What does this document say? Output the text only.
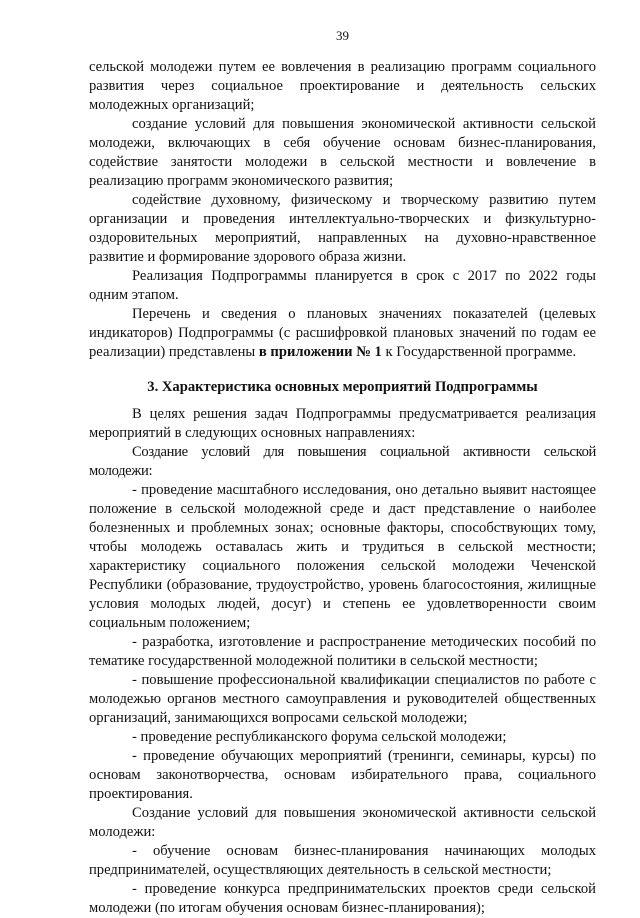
39

сельской молодежи путем ее вовлечения в реализацию программ социального развития через социальное проектирование и деятельность сельских молодежных организаций;

создание условий для повышения экономической активности сельской молодежи, включающих в себя обучение основам бизнес-планирования, содействие занятости молодежи в сельской местности и вовлечение в реализацию программ экономического развития;

содействие духовному, физическому и творческому развитию путем организации и проведения интеллектуально-творческих и физкультурно-оздоровительных мероприятий, направленных на духовно-нравственное развитие и формирование здорового образа жизни.

Реализация Подпрограммы планируется в срок с 2017 по 2022 годы одним этапом.

Перечень и сведения о плановых значениях показателей (целевых индикаторов) Подпрограммы (с расшифровкой плановых значений по годам ее реализации) представлены в приложении № 1 к Государственной программе.

3. Характеристика основных мероприятий Подпрограммы

В целях решения задач Подпрограммы предусматривается реализация мероприятий в следующих основных направлениях:

Создание условий для повышения социальной активности сельской молодежи:

- проведение масштабного исследования, оно детально выявит настоящее положение в сельской молодежной среде и даст представление о наиболее болезненных и проблемных зонах; основные факторы, способствующих тому, чтобы молодежь оставалась жить и трудиться в сельской местности; характеристику социального положения сельской молодежи Чеченской Республики (образование, трудоустройство, уровень благосостояния, жилищные условия молодых людей, досуг) и степень ее удовлетворенности своим социальным положением;

- разработка, изготовление и распространение методических пособий по тематике государственной молодежной политики в сельской местности;

- повышение профессиональной квалификации специалистов по работе с молодежью органов местного самоуправления и руководителей общественных организаций, занимающихся вопросами сельской молодежи;

- проведение республиканского форума сельской молодежи;

- проведение обучающих мероприятий (тренинги, семинары, курсы) по основам законотворчества, основам избирательного права, социального проектирования.

Создание условий для повышения экономической активности сельской молодежи:

- обучение основам бизнес-планирования начинающих молодых предпринимателей, осуществляющих деятельность в сельской местности;

- проведение конкурса предпринимательских проектов среди сельской молодежи (по итогам обучения основам бизнес-планирования);
